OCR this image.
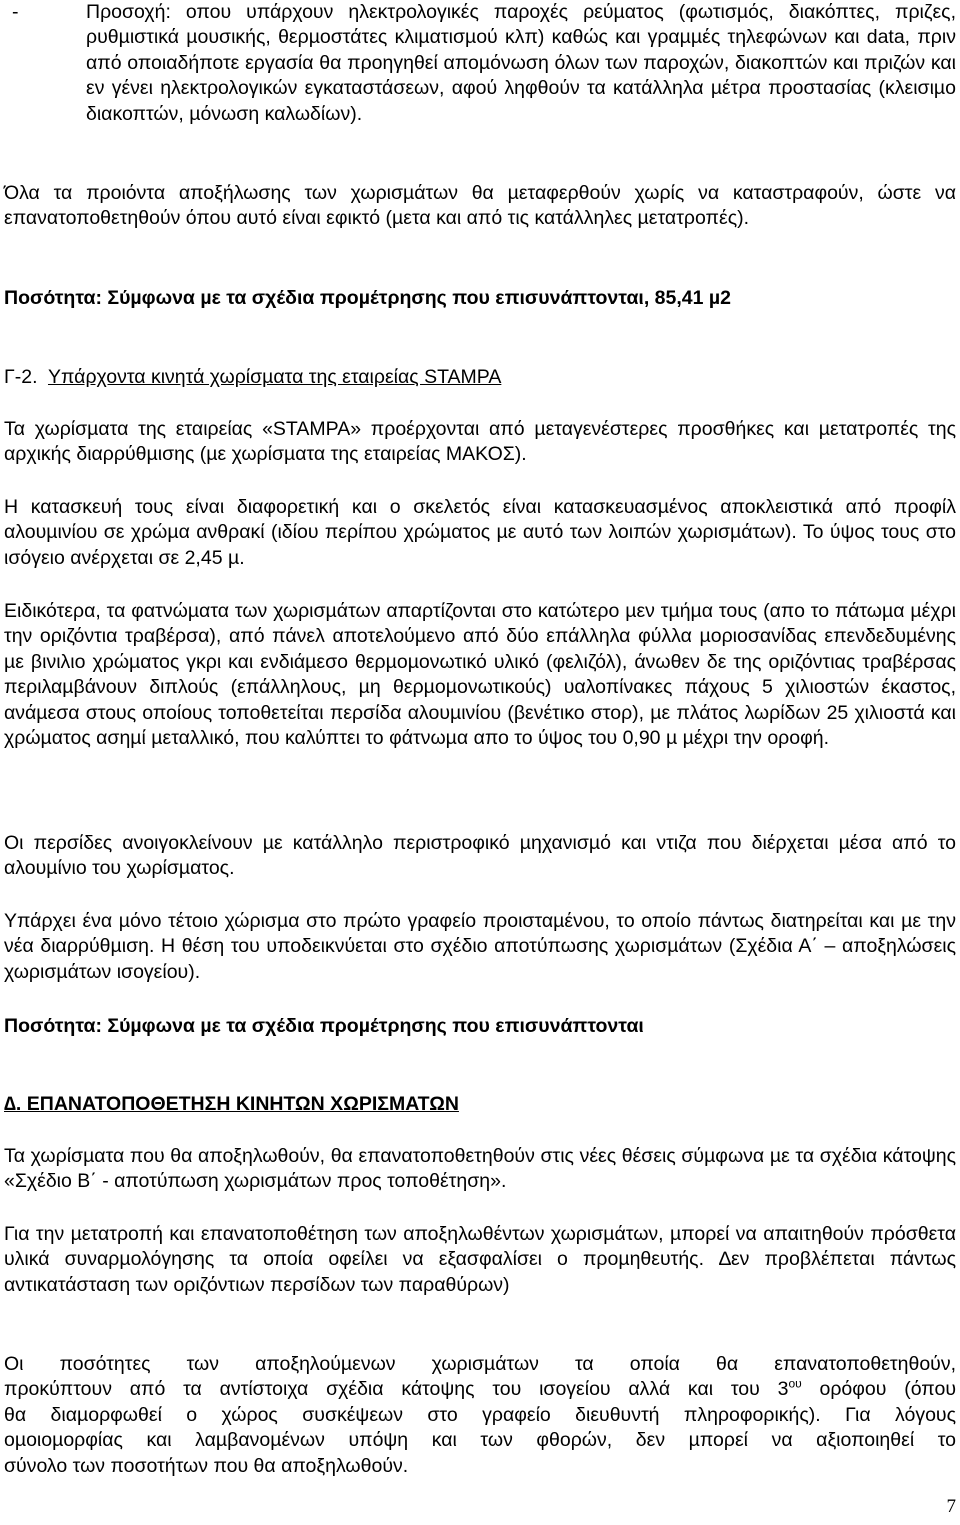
-	Προσοχή: οπου υπάρχουν ηλεκτρολογικές παροχές ρεύµατος (φωτισµός, διακόπτες, πριζες, ρυθµιστικά µουσικής, θερµοστάτες κλιµατισµού κλπ) καθώς και γραµµές τηλεφώνων και data, πριν από οποιαδήποτε εργασία θα προηγηθεί αποµόνωση όλων των παροχών, διακοπτών και πριζών και εν γένει ηλεκτρολογικών εγκαταστάσεων, αφού ληφθούν τα κατάλληλα µέτρα προστασίας (κλεισιµο διακοπτών, µόνωση καλωδίων).

Όλα τα προιόντα αποξήλωσης των χωρισµάτων θα µεταφερθούν χωρίς να καταστραφούν, ώστε να επανατοποθετηθούν όπου αυτό είναι εφικτό (µετα και από τις κατάλληλες µετατροπές).

Ποσότητα: Σύµφωνα µε τα σχέδια προµέτρησης που επισυνάπτονται, 85,41 µ2

Γ-2.  Υπάρχοντα κινητά χωρίσµατα της εταιρείας STAMPA

Τα χωρίσµατα της εταιρείας «STAMPA» προέρχονται από µεταγενέστερες προσθήκες και µετατροπές της αρχικής διαρρύθµισης (µε χωρίσµατα της εταιρείας ΜΑΚΟΣ).

Η κατασκευή τους είναι διαφορετική και ο σκελετός είναι κατασκευασµένος αποκλειστικά από προφίλ αλουµινίου σε χρώµα ανθρακί (ιδίου περίπου χρώµατος µε αυτό των λοιπών χωρισµάτων). Το ύψος τους στο ισόγειο ανέρχεται σε 2,45 µ.

Ειδικότερα, τα φατνώµατα των χωρισµάτων απαρτίζονται στο κατώτερο µεν τµήµα τους (απο το πάτωµα µέχρι την οριζόντια τραβέρσα), από πάνελ αποτελούµενο από δύο επάλληλα φύλλα µοριοσανίδας επενδεδυµένης µε βινιλιο χρώµατος γκρι και ενδιάµεσο θερµοµονωτικό υλικό (φελιζόλ), άνωθεν δε της οριζόντιας τραβέρσας περιλαµβάνουν διπλούς (επάλληλους, µη θερµοµονωτικούς) υαλοπίνακες πάχους 5 χιλιοστών έκαστος, ανάµεσα στους οποίους τοποθετείται περσίδα αλουµινίου (βενέτικο στορ), µε πλάτος λωρίδων 25 χιλιοστά και χρώµατος ασηµί µεταλλικό, που καλύπτει το φάτνωµα απο το ύψος του 0,90 µ µέχρι την οροφή.

Οι περσίδες ανοιγοκλείνουν µε κατάλληλο περιστροφικό µηχανισµό και ντιζα που διέρχεται µέσα από το αλουµίνιο του χωρίσµατος.

Υπάρχει ένα µόνο τέτοιο χώρισµα στο πρώτο γραφείο προισταµένου, το οποίο πάντως διατηρείται και µε την νέα διαρρύθµιση. Η θέση του υποδεικνύεται στο σχέδιο αποτύπωσης χωρισµάτων (Σχέδια Α΄ – αποξηλώσεις χωρισµάτων ισογείου).

Ποσότητα: Σύµφωνα µε τα σχέδια προµέτρησης που επισυνάπτονται

∆. ΕΠΑΝΑΤΟΠΟΘΕΤΗΣΗ ΚΙΝΗΤΩΝ ΧΩΡΙΣΜΑΤΩΝ

Τα χωρίσµατα που θα αποξηλωθούν, θα επανατοποθετηθούν στις νέες θέσεις σύµφωνα µε τα σχέδια κάτοψης «Σχέδιο Β΄ - αποτύπωση χωρισµάτων προς τοποθέτηση».

Για την µετατροπή και επανατοποθέτηση των αποξηλωθέντων χωρισµάτων, µπορεί να απαιτηθούν πρόσθετα υλικά συναρµολόγησης τα οποία οφείλει να εξασφαλίσει ο προµηθευτής. ∆εν προβλέπεται πάντως αντικατάσταση των οριζόντιων περσίδων των παραθύρων)

Οι ποσότητες των αποξηλούµενων χωρισµάτων τα οποία θα επανατοποθετηθούν,
προκύπτουν από τα αντίστοιχα σχέδια κάτοψης του ισογείου αλλά και του $3^{o\upsilon}$ ορόφου (όπου
θα διαµορφωθεί ο χώρος συσκέψεων στο γραφείο διευθυντή πληροφορικής). Για λόγους
οµοιοµορφίας και λαµβανοµένων υπόψη και των φθορών, δεν µπορεί να αξιοποιηθεί το
σύνολο των ποσοτήτων που θα αποξηλωθούν.
7
